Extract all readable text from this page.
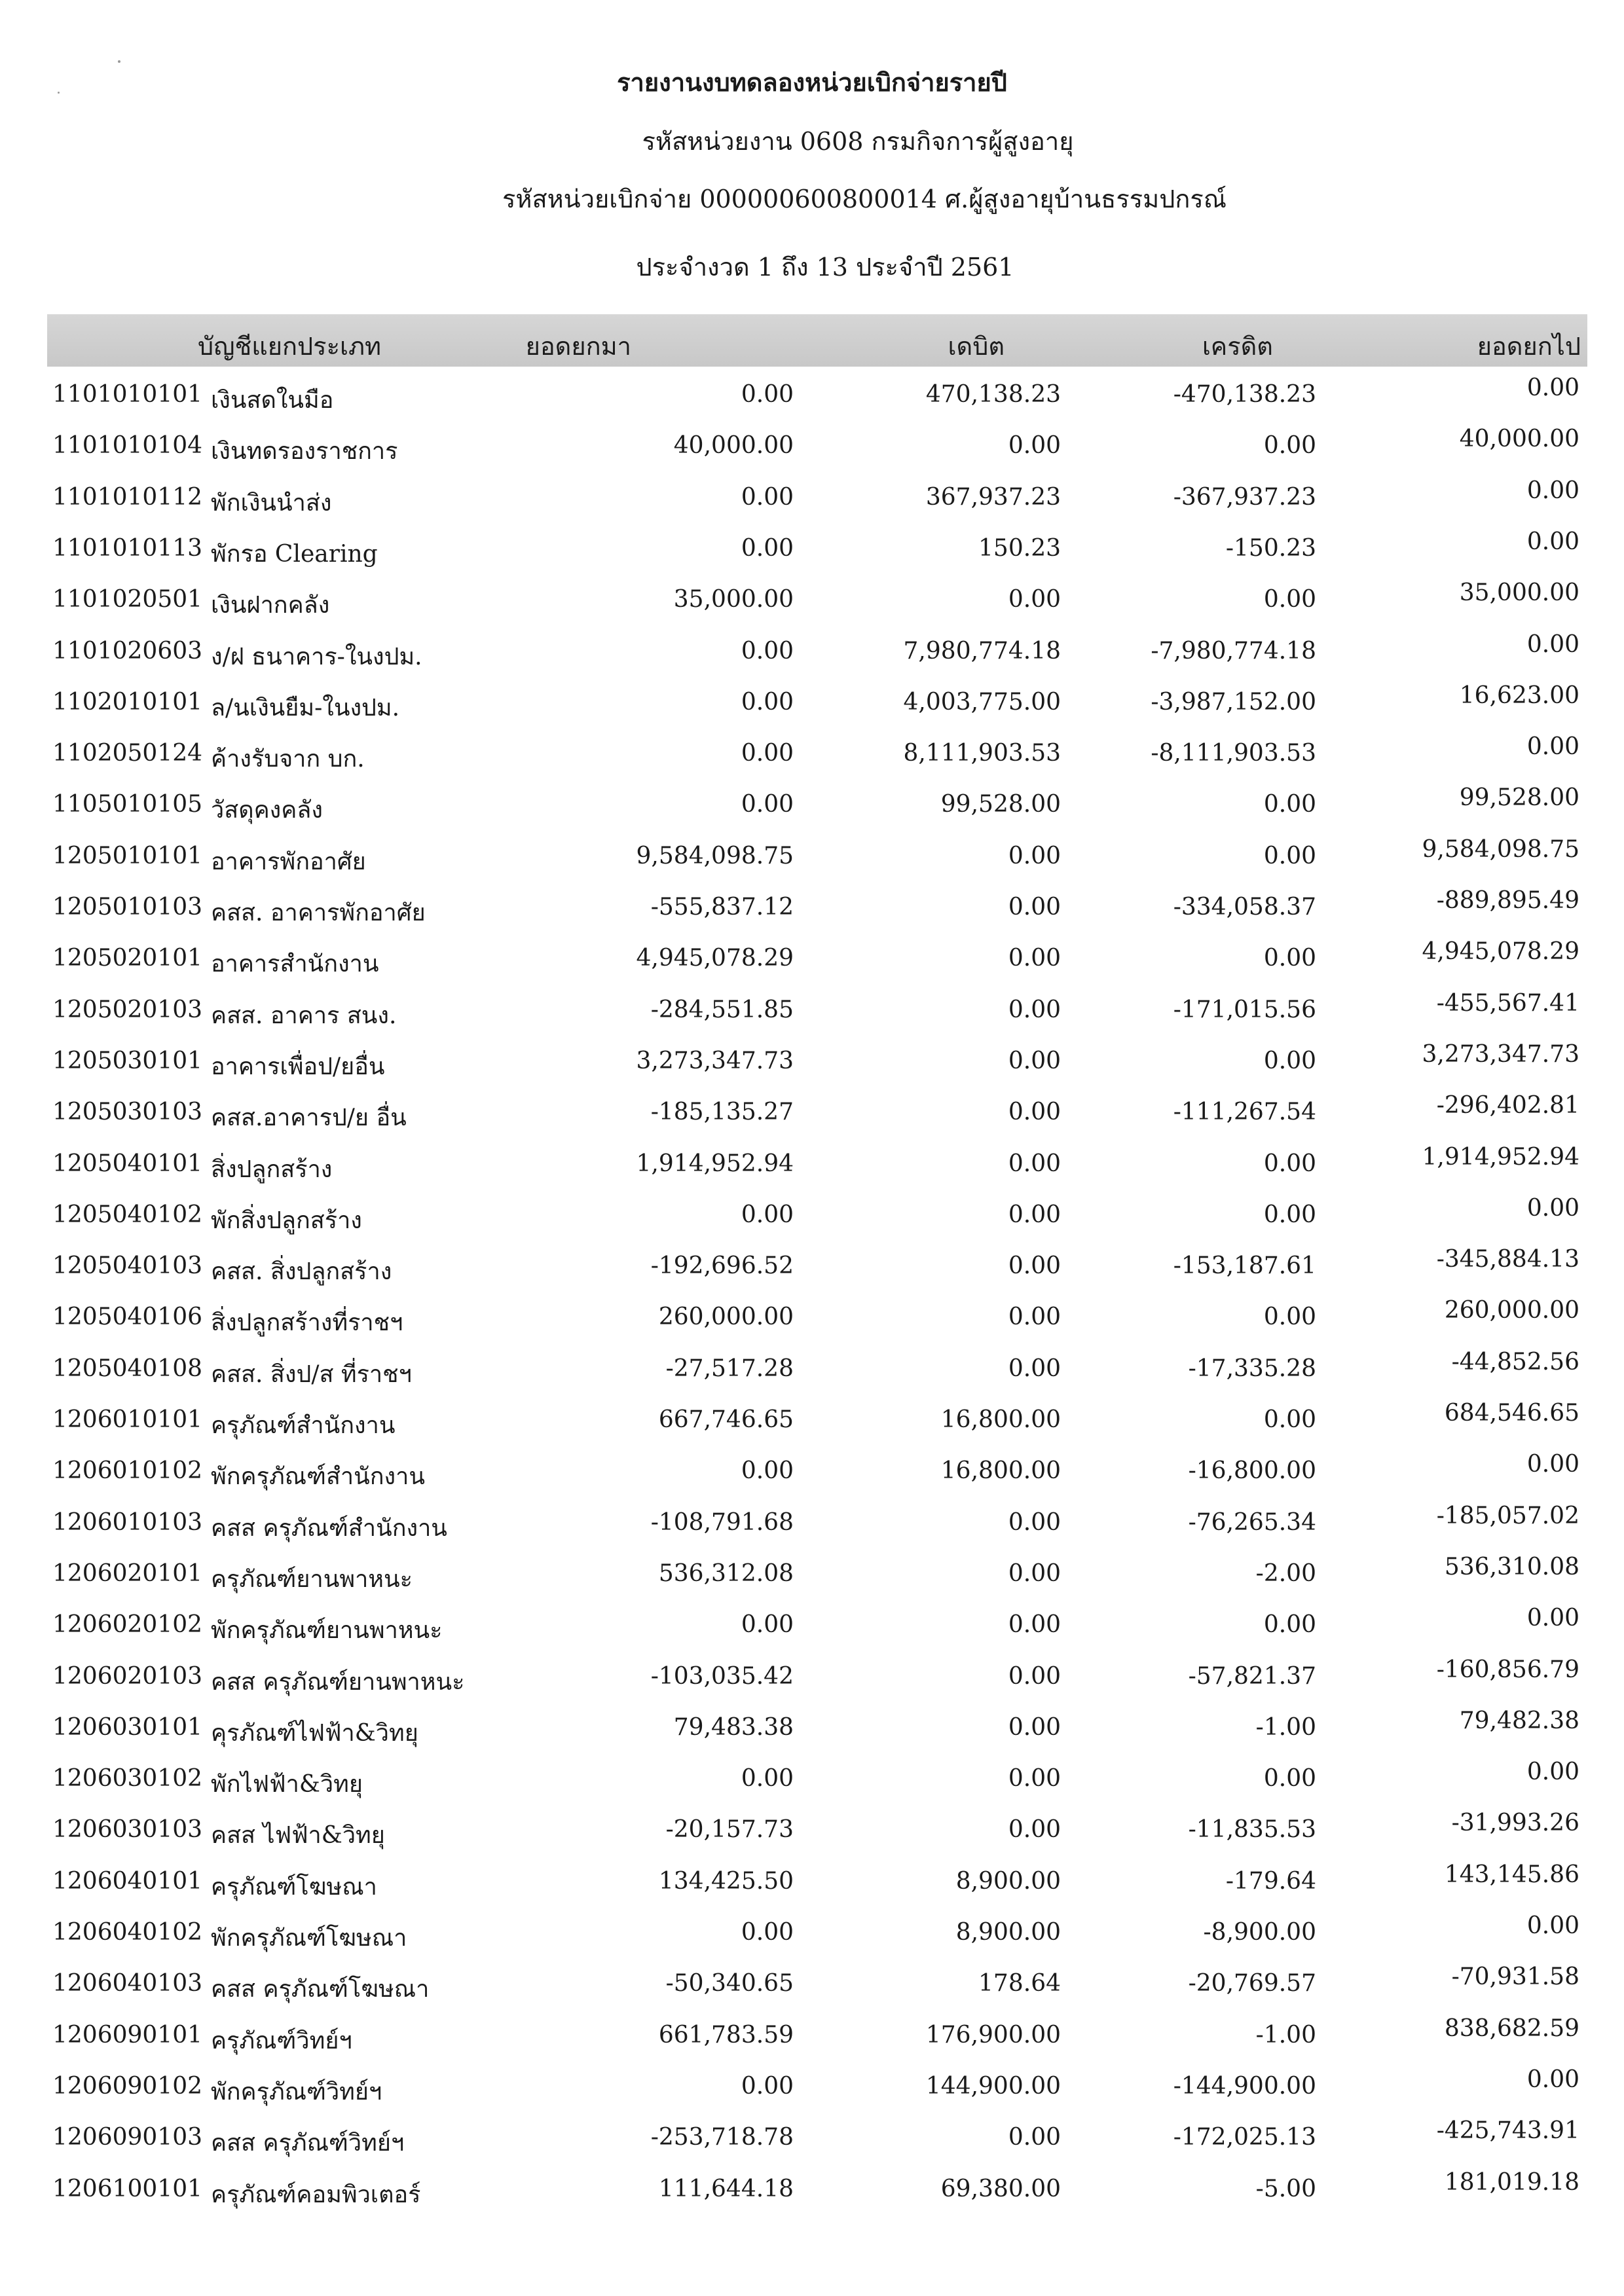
รายงานงบทดลองหน่วยเบิกจ่ายรายปี
รหัสหน่วยงาน 0608 กรมกิจการผู้สูงอายุ
รหัสหน่วยเบิกจ่าย 000000600800014 ศ.ผู้สูงอายุบ้านธรรมปกรณ์
ประจำงวด 1 ถึง 13 ประจำปี 2561
บัญชีแยกประเภท	ยอดยกมา	เดบิต	เครดิต	ยอดยกไป
1101010101 เงินสดในมือ	0.00	470,138.23	-470,138.23	0.00
1101010104 เงินทดรองราชการ	40,000.00	0.00	0.00	40,000.00
1101010112 พักเงินนำส่ง	0.00	367,937.23	-367,937.23	0.00
1101010113 พักรอ Clearing	0.00	150.23	-150.23	0.00
1101020501 เงินฝากคลัง	35,000.00	0.00	0.00	35,000.00
1101020603 ง/ฝ ธนาคาร-ในงปม.	0.00	7,980,774.18	-7,980,774.18	0.00
1102010101 ล/นเงินยืม-ในงปม.	0.00	4,003,775.00	-3,987,152.00	16,623.00
1102050124 ค้างรับจาก บก.	0.00	8,111,903.53	-8,111,903.53	0.00
1105010105 วัสดุคงคลัง	0.00	99,528.00	0.00	99,528.00
1205010101 อาคารพักอาศัย	9,584,098.75	0.00	0.00	9,584,098.75
1205010103 คสส. อาคารพักอาศัย	-555,837.12	0.00	-334,058.37	-889,895.49
1205020101 อาคารสำนักงาน	4,945,078.29	0.00	0.00	4,945,078.29
1205020103 คสส. อาคาร สนง.	-284,551.85	0.00	-171,015.56	-455,567.41
1205030101 อาคารเพื่อป/ยอื่น	3,273,347.73	0.00	0.00	3,273,347.73
1205030103 คสส.อาคารป/ย อื่น	-185,135.27	0.00	-111,267.54	-296,402.81
1205040101 สิ่งปลูกสร้าง	1,914,952.94	0.00	0.00	1,914,952.94
1205040102 พักสิ่งปลูกสร้าง	0.00	0.00	0.00	0.00
1205040103 คสส. สิ่งปลูกสร้าง	-192,696.52	0.00	-153,187.61	-345,884.13
1205040106 สิ่งปลูกสร้างที่ราชฯ	260,000.00	0.00	0.00	260,000.00
1205040108 คสส. สิ่งป/ส ที่ราชฯ	-27,517.28	0.00	-17,335.28	-44,852.56
1206010101 ครุภัณฑ์สำนักงาน	667,746.65	16,800.00	0.00	684,546.65
1206010102 พักครุภัณฑ์สำนักงาน	0.00	16,800.00	-16,800.00	0.00
1206010103 คสส ครุภัณฑ์สำนักงาน	-108,791.68	0.00	-76,265.34	-185,057.02
1206020101 ครุภัณฑ์ยานพาหนะ	536,312.08	0.00	-2.00	536,310.08
1206020102 พักครุภัณฑ์ยานพาหนะ	0.00	0.00	0.00	0.00
1206020103 คสส ครุภัณฑ์ยานพาหนะ	-103,035.42	0.00	-57,821.37	-160,856.79
1206030101 คุรภัณฑ์ไฟฟ้า&วิทยุ	79,483.38	0.00	-1.00	79,482.38
1206030102 พักไฟฟ้า&วิทยุ	0.00	0.00	0.00	0.00
1206030103 คสส ไฟฟ้า&วิทยุ	-20,157.73	0.00	-11,835.53	-31,993.26
1206040101 ครุภัณฑ์โฆษณา	134,425.50	8,900.00	-179.64	143,145.86
1206040102 พักครุภัณฑ์โฆษณา	0.00	8,900.00	-8,900.00	0.00
1206040103 คสส ครุภัณฑ์โฆษณา	-50,340.65	178.64	-20,769.57	-70,931.58
1206090101 ครุภัณฑ์วิทย์ฯ	661,783.59	176,900.00	-1.00	838,682.59
1206090102 พักครุภัณฑ์วิทย์ฯ	0.00	144,900.00	-144,900.00	0.00
1206090103 คสส ครุภัณฑ์วิทย์ฯ	-253,718.78	0.00	-172,025.13	-425,743.91
1206100101 ครุภัณฑ์คอมพิวเตอร์	111,644.18	69,380.00	-5.00	181,019.18
